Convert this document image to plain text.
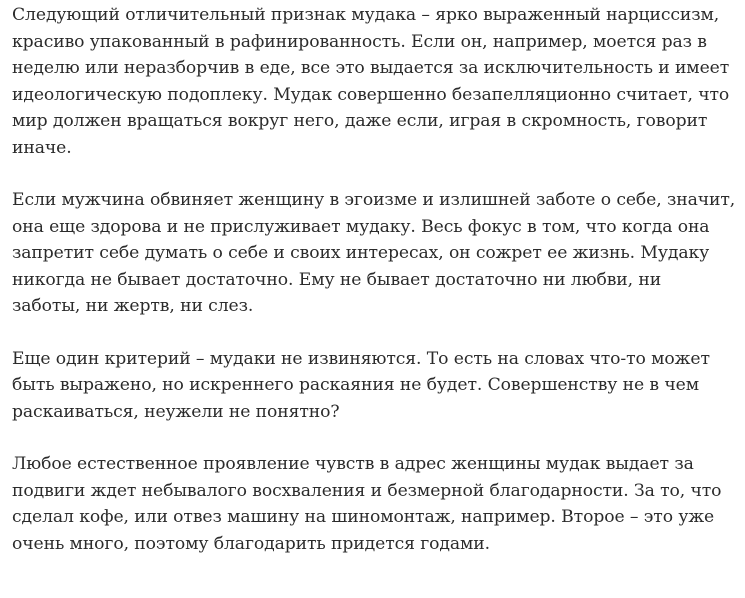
Следующий отличительный признак мудака – ярко выраженный нарциссизм,
красиво упакованный в рафинированность. Если он, например, моется раз в
неделю или неразборчив в еде, все это выдается за исключительность и имеет
идеологическую подоплеку. Мудак совершенно безапелляционно считает, что
мир должен вращаться вокруг него, даже если, играя в скромность, говорит
иначе.

Если мужчина обвиняет женщину в эгоизме и излишней заботе о себе, значит,
она еще здорова и не прислуживает мудаку. Весь фокус в том, что когда она
запретит себе думать о себе и своих интересах, он сожрет ее жизнь. Мудаку
никогда не бывает достаточно. Ему не бывает достаточно ни любви, ни
заботы, ни жертв, ни слез.

Еще один критерий – мудаки не извиняются. То есть на словах что-то может
быть выражено, но искреннего раскаяния не будет. Совершенству не в чем
раскаиваться, неужели не понятно?

Любое естественное проявление чувств в адрес женщины мудак выдает за
подвиги ждет небывалого восхваления и безмерной благодарности. За то, что
сделал кофе, или отвез машину на шиномонтаж, например. Второе – это уже
очень много, поэтому благодарить придется годами.
